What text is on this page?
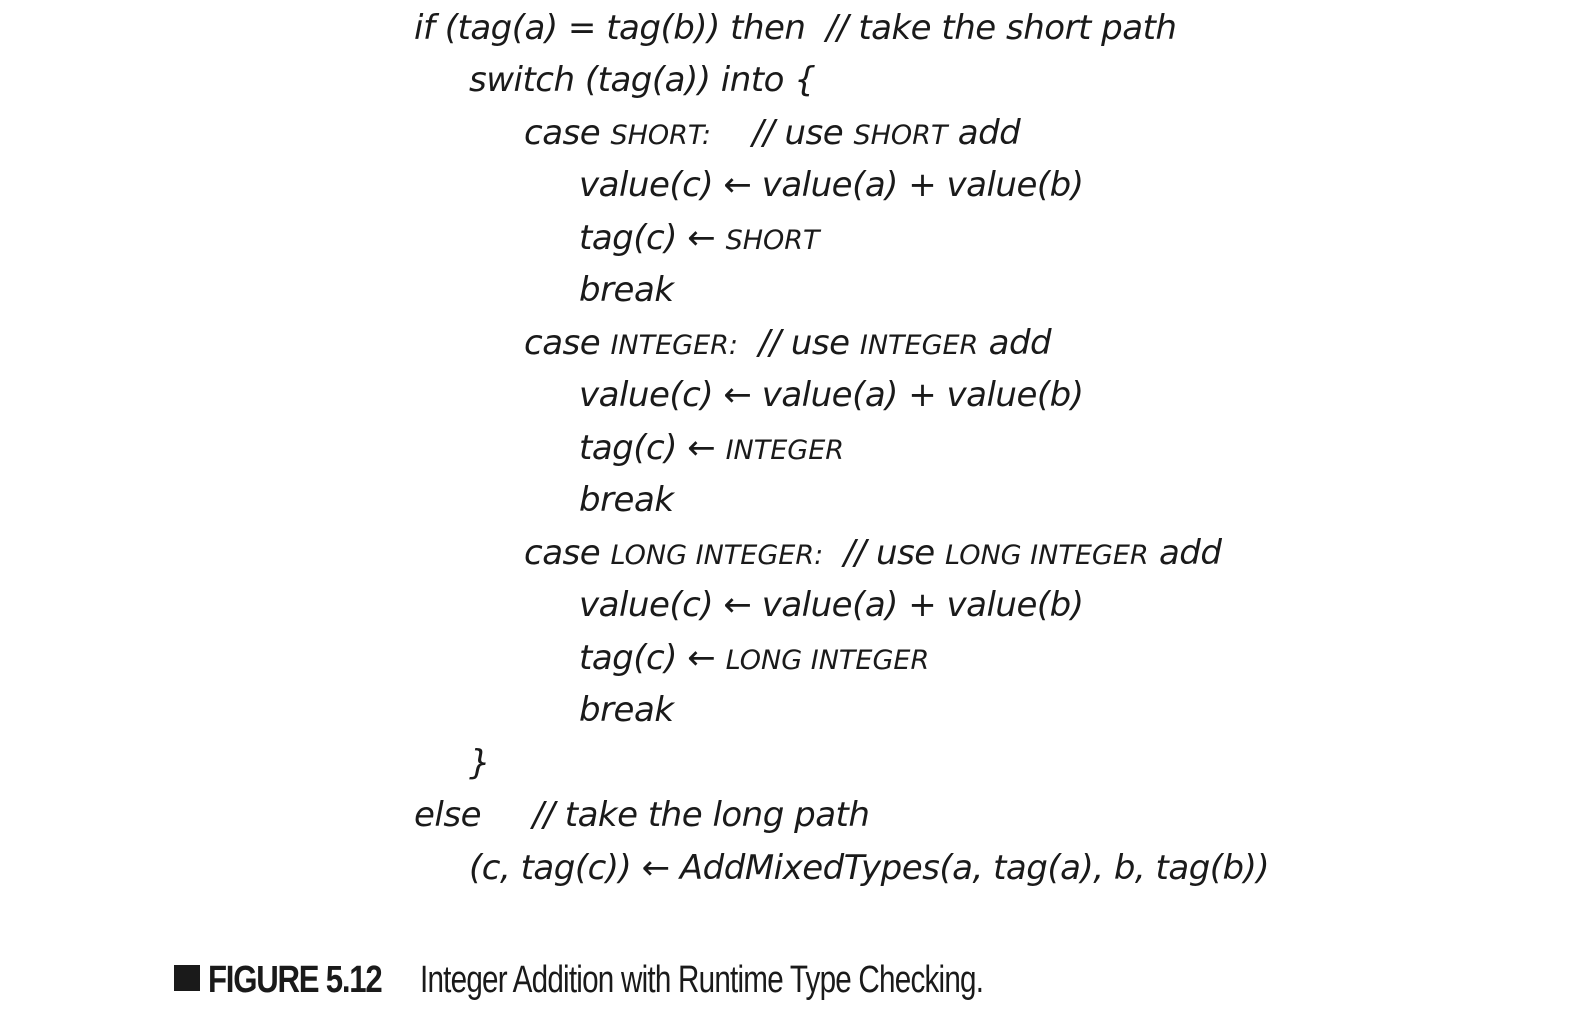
if (tag(a) = tag(b)) then  // take the short path
switch (tag(a)) into {
case SHORT:    // use SHORT add
value(c) ← value(a) + value(b)
tag(c) ← SHORT
break
case INTEGER:  // use INTEGER add
value(c) ← value(a) + value(b)
tag(c) ← INTEGER
break
case LONG INTEGER:  // use LONG INTEGER add
value(c) ← value(a) + value(b)
tag(c) ← LONG INTEGER
break
}
else     // take the long path
(c, tag(c)) ← AddMixedTypes(a, tag(a), b, tag(b))
FIGURE 5.12 Integer Addition with Runtime Type Checking.
